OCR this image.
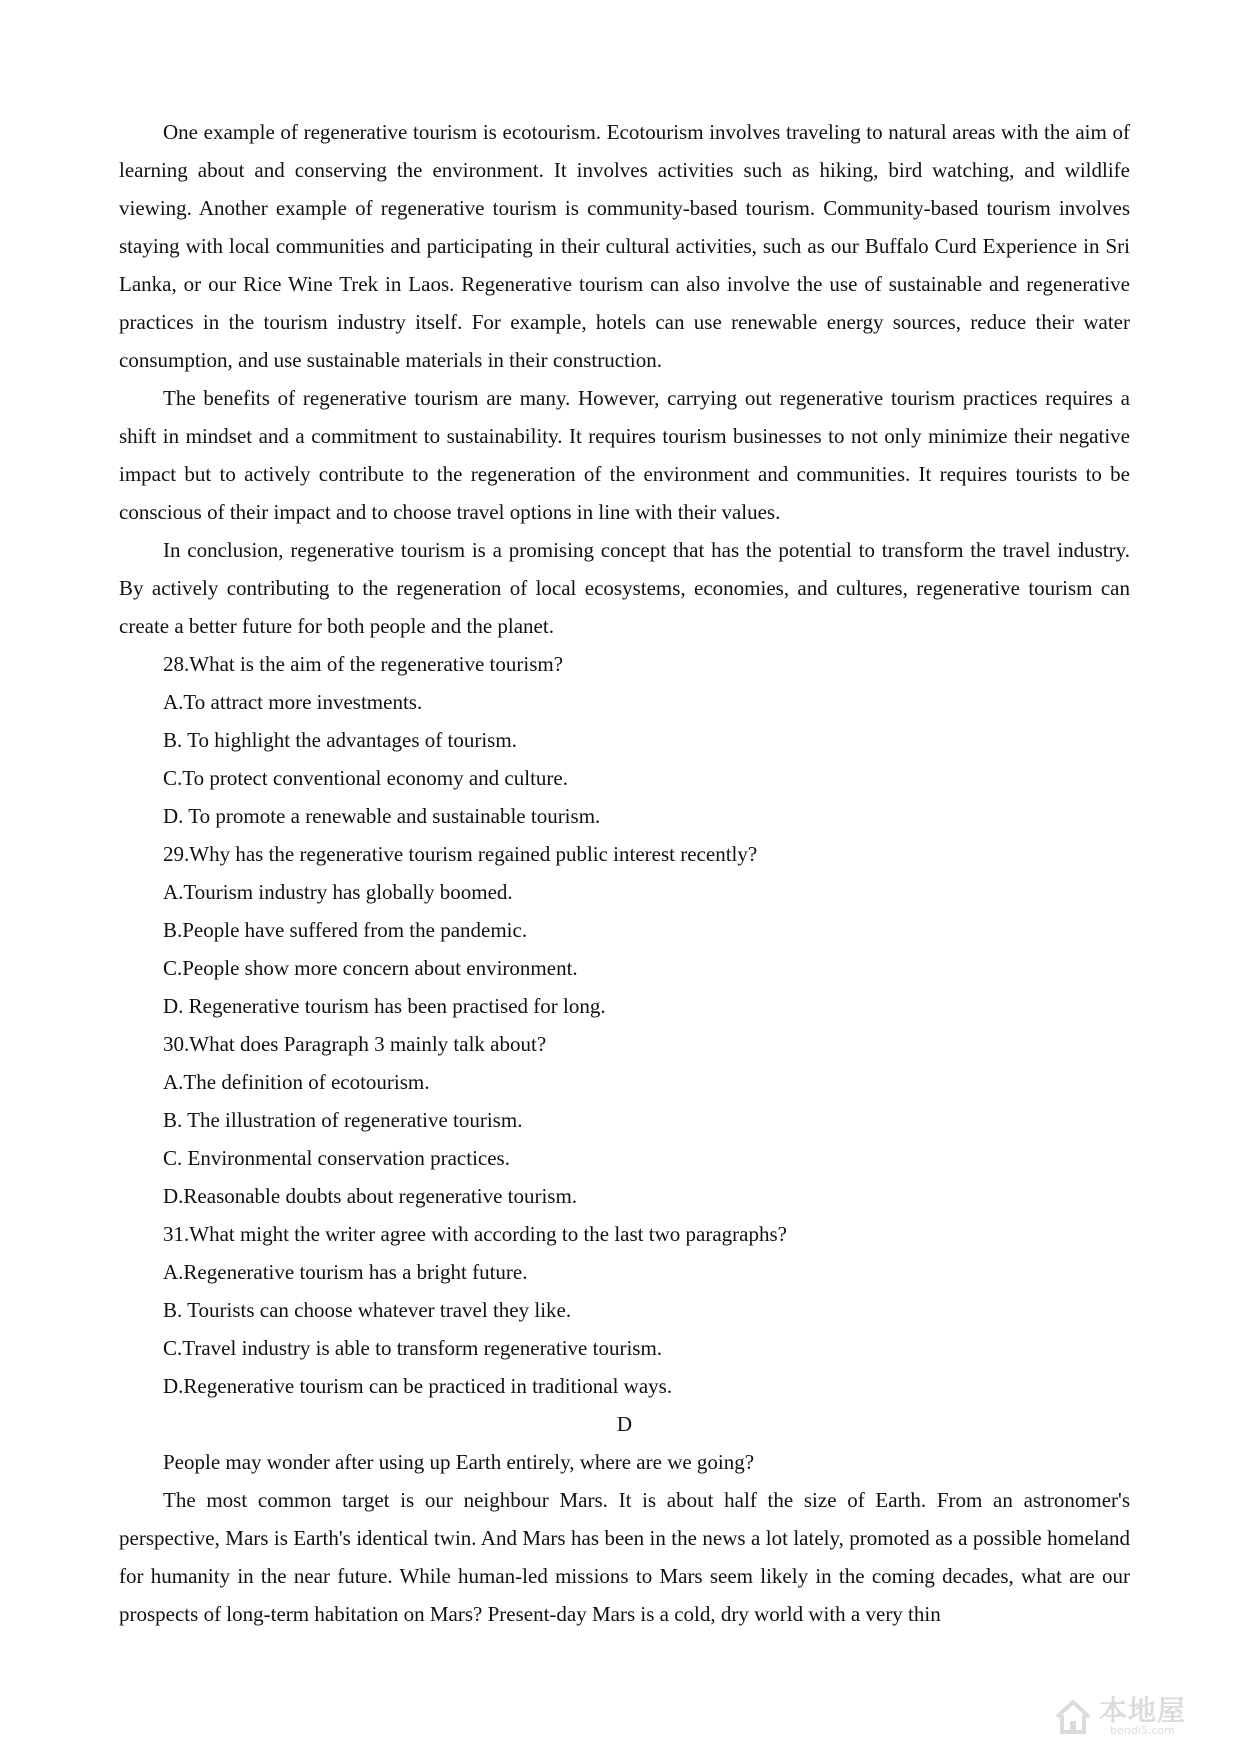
One example of regenerative tourism is ecotourism. Ecotourism involves traveling to natural areas with the aim of learning about and conserving the environment. It involves activities such as hiking, bird watching, and wildlife viewing. Another example of regenerative tourism is community-based tourism. Community-based tourism involves staying with local communities and participating in their cultural activities, such as our Buffalo Curd Experience in Sri Lanka, or our Rice Wine Trek in Laos. Regenerative tourism can also involve the use of sustainable and regenerative practices in the tourism industry itself. For example, hotels can use renewable energy sources, reduce their water consumption, and use sustainable materials in their construction.

The benefits of regenerative tourism are many. However, carrying out regenerative tourism practices requires a shift in mindset and a commitment to sustainability. It requires tourism businesses to not only minimize their negative impact but to actively contribute to the regeneration of the environment and communities. It requires tourists to be conscious of their impact and to choose travel options in line with their values.

In conclusion, regenerative tourism is a promising concept that has the potential to transform the travel industry. By actively contributing to the regeneration of local ecosystems, economies, and cultures, regenerative tourism can create a better future for both people and the planet.

28.What is the aim of the regenerative tourism?

A.To attract more investments.

B. To highlight the advantages of tourism.

C.To protect conventional economy and culture.

D. To promote a renewable and sustainable tourism.

29.Why has the regenerative tourism regained public interest recently?

A.Tourism industry has globally boomed.

B.People have suffered from the pandemic.

C.People show more concern about environment.

D. Regenerative tourism has been practised for long.

30.What does Paragraph 3 mainly talk about?

A.The definition of ecotourism.

B. The illustration of regenerative tourism.

C. Environmental conservation practices.

D.Reasonable doubts about regenerative tourism.

31.What might the writer agree with according to the last two paragraphs?

A.Regenerative tourism has a bright future.

B. Tourists can choose whatever travel they like.

C.Travel industry is able to transform regenerative tourism.

D.Regenerative tourism can be practiced in traditional ways.

D

People may wonder after using up Earth entirely, where are we going?

The most common target is our neighbour Mars. It is about half the size of Earth. From an astronomer's perspective, Mars is Earth's identical twin. And Mars has been in the news a lot lately, promoted as a possible homeland for humanity in the near future. While human-led missions to Mars seem likely in the coming decades, what are our prospects of long-term habitation on Mars? Present-day Mars is a cold, dry world with a very thin

本地屋
bendi5.com
